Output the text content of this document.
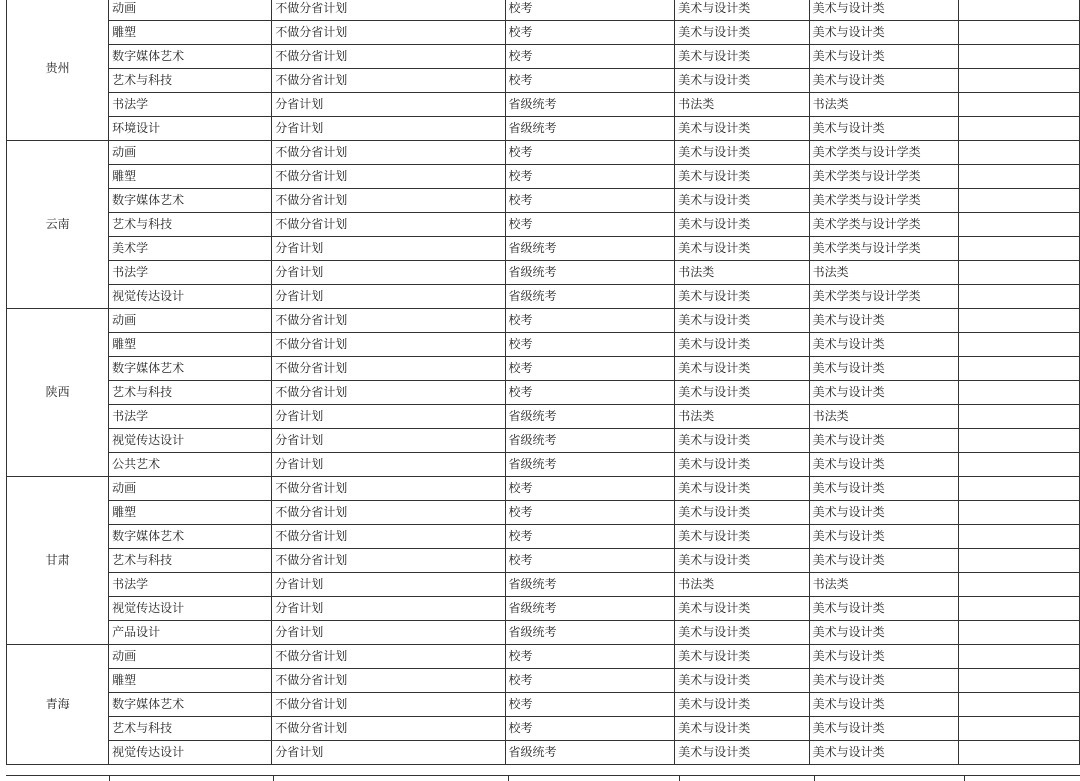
贵州	动画	不做分省计划	校考	美术与设计类	美术与设计类	
	雕塑	不做分省计划	校考	美术与设计类	美术与设计类	
	数字媒体艺术	不做分省计划	校考	美术与设计类	美术与设计类	
	艺术与科技	不做分省计划	校考	美术与设计类	美术与设计类	
	书法学	分省计划	省级统考	书法类	书法类	
	环境设计	分省计划	省级统考	美术与设计类	美术与设计类	
云南	动画	不做分省计划	校考	美术与设计类	美术学类与设计学类	
	雕塑	不做分省计划	校考	美术与设计类	美术学类与设计学类	
	数字媒体艺术	不做分省计划	校考	美术与设计类	美术学类与设计学类	
	艺术与科技	不做分省计划	校考	美术与设计类	美术学类与设计学类	
	美术学	分省计划	省级统考	美术与设计类	美术学类与设计学类	
	书法学	分省计划	省级统考	书法类	书法类	
	视觉传达设计	分省计划	省级统考	美术与设计类	美术学类与设计学类	
陕西	动画	不做分省计划	校考	美术与设计类	美术与设计类	
	雕塑	不做分省计划	校考	美术与设计类	美术与设计类	
	数字媒体艺术	不做分省计划	校考	美术与设计类	美术与设计类	
	艺术与科技	不做分省计划	校考	美术与设计类	美术与设计类	
	书法学	分省计划	省级统考	书法类	书法类	
	视觉传达设计	分省计划	省级统考	美术与设计类	美术与设计类	
	公共艺术	分省计划	省级统考	美术与设计类	美术与设计类	
甘肃	动画	不做分省计划	校考	美术与设计类	美术与设计类	
	雕塑	不做分省计划	校考	美术与设计类	美术与设计类	
	数字媒体艺术	不做分省计划	校考	美术与设计类	美术与设计类	
	艺术与科技	不做分省计划	校考	美术与设计类	美术与设计类	
	书法学	分省计划	省级统考	书法类	书法类	
	视觉传达设计	分省计划	省级统考	美术与设计类	美术与设计类	
	产品设计	分省计划	省级统考	美术与设计类	美术与设计类	
青海	动画	不做分省计划	校考	美术与设计类	美术与设计类	
	雕塑	不做分省计划	校考	美术与设计类	美术与设计类	
	数字媒体艺术	不做分省计划	校考	美术与设计类	美术与设计类	
	艺术与科技	不做分省计划	校考	美术与设计类	美术与设计类	
	视觉传达设计	分省计划	省级统考	美术与设计类	美术与设计类	
